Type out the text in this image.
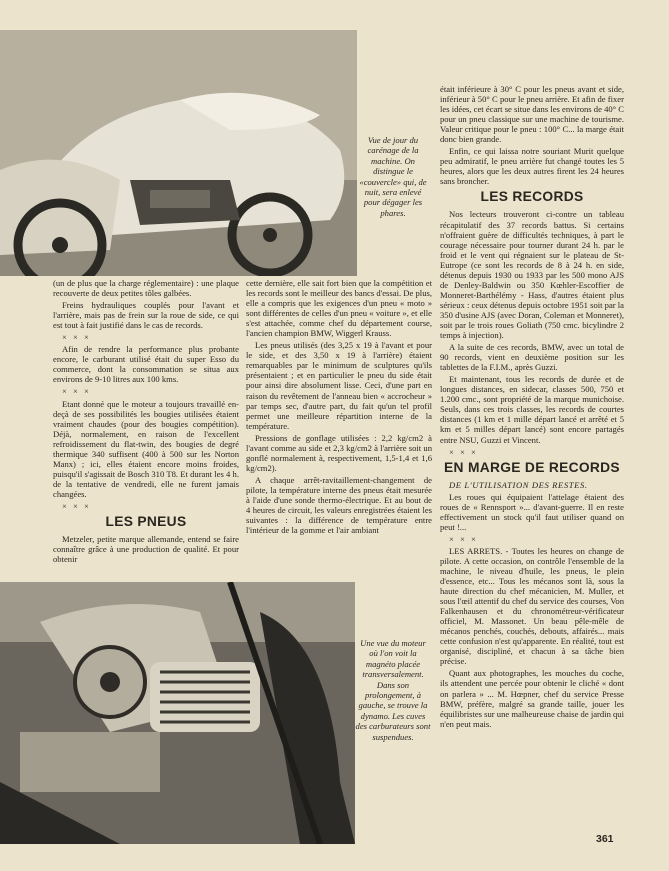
Vue de jour du carénage de la machine. On distingue le «couvercle» qui, de nuit, sera enlevé pour dégager les phares.

Une vue du moteur où l'on voit la magnéto placée transversalement. Dans son prolongement, à gauche, se trouve la dynamo. Les cuves des carburateurs sont suspendues.

(un de plus que la charge réglementaire) : une plaque recouverte de deux petites tôles galbées.

Freins hydrauliques couplés pour l'avant et l'arrière, mais pas de frein sur la roue de side, ce qui est tout à fait justifié dans le cas de records.

× × ×

Afin de rendre la performance plus probante encore, le carburant utilisé était du super Esso du commerce, dont la consommation se situa aux environs de 9-10 litres aux 100 kms.

× × ×

Etant donné que le moteur a toujours travaillé en-deçà de ses possibilités les bougies utilisées étaient vraiment chaudes (pour des bougies compétition). Déjà, normalement, en raison de l'excellent refroidissement du flat-twin, des bougies de degré thermique 340 suffisent (400 à 500 sur les Norton Manx) ; ici, elles étaient encore moins froides, puisqu'il s'agissait de Bosch 310 T8. Et durant les 4 h. de la tentative de vendredi, elle ne furent jamais changées.

× × ×

LES PNEUS

Metzeler, petite marque allemande, entend se faire connaître grâce à une production de qualité. Et pour obtenir

cette dernière, elle sait fort bien que la compétition et les records sont le meilleur des bancs d'essai. De plus, elle a compris que les exigences d'un pneu « moto » sont différentes de celles d'un pneu « voiture », et elle s'est attachée, comme chef du département course, l'ancien champion BMW, Wiggerl Krauss.

Les pneus utilisés (des 3,25 x 19 à l'avant et pour le side, et des 3,50 x 19 à l'arrière) étaient remarquables par le minimum de sculptures qu'ils présentaient ; et en particulier le pneu du side était pour ainsi dire absolument lisse. Ceci, d'une part en raison du revêtement de l'anneau bien « accrocheur » par temps sec, d'autre part, du fait qu'un tel profil permet une meilleure répartition interne de la température.

Pressions de gonflage utilisées : 2,2 kg/cm2 à l'avant comme au side et 2,3 kg/cm2 à l'arrière soit un gonflé normalement à, respectivement, 1,5-1,4 et 1,6 kg/cm2).

A chaque arrêt-ravitaillement-changement de pilote, la température interne des pneus était mesurée à l'aide d'une sonde thermo-électrique. Et au bout de 4 heures de circuit, les valeurs enregistrées étaient les suivantes : la différence de température entre l'intérieur de la gomme et l'air ambiant

était inférieure à 30° C pour les pneus avant et side, inférieur à 50° C pour le pneu arrière. Et afin de fixer les idées, cet écart se situe dans les environs de 40° C pour un pneu classique sur une machine de tourisme. Valeur critique pour le pneu : 100° C... la marge était donc bien grande.

Enfin, ce qui laissa notre souriant Murit quelque peu admiratif, le pneu arrière fut changé toutes les 5 heures, alors que les deux autres firent les 24 heures sans broncher.

LES RECORDS

Nos lecteurs trouveront ci-contre un tableau récapitulatif des 37 records battus. Si certains n'offraient guère de difficultés techniques, à part le courage nécessaire pour tourner durant 24 h. par le froid et le vent qui régnaient sur le plateau de St-Eutrope (ce sont les records de 8 à 24 h. en side, détenus depuis 1930 ou 1933 par les 500 mono AJS de Denley-Baldwin ou 350 Kœhler-Escoffier de Monneret-Barthélémy - Hass, d'autres étaient plus sérieux : ceux détenus depuis octobre 1951 soit par la 350 d'usine AJS (avec Doran, Coleman et Monneret), soit par le trois roues Goliath (750 cmc. bicylindre 2 temps à injection).

A la suite de ces records, BMW, avec un total de 90 records, vient en deuxième position sur les tablettes de la F.I.M., après Guzzi.

Et maintenant, tous les records de durée et de longues distances, en sidecar, classes 500, 750 et 1.200 cmc., sont propriété de la marque munichoise. Seuls, dans ces trois classes, les records de courtes distances (1 km et 1 mille départ lancé et arrêté et 5 km et 5 milles départ lancé) sont encore partagés entre NSU, Guzzi et Vincent.

× × ×

EN MARGE DE RECORDS

DE L'UTILISATION DES RESTES.

Les roues qui équipaient l'attelage étaient des roues de « Rennsport »... d'avant-guerre. Il en reste effectivement un stock qu'il faut utiliser quand on peut !...

× × ×

LES ARRETS. - Toutes les heures on change de pilote. A cette occasion, on contrôle l'ensemble de la machine, le niveau d'huile, les pneus, le plein d'essence, etc... Tous les mécanos sont là, sous la haute direction du chef mécanicien, M. Muller, et sous l'œil attentif du chef du service des courses, Von Falkenhausen et du chronométreur-vérificateur officiel, M. Massonet. Un beau pêle-mêle de mécanos penchés, couchés, debouts, affairés... mais cette confusion n'est qu'apparente. En réalité, tout est organisé, discipliné, et chacun à sa tâche bien précise.

Quant aux photographes, les mouches du coche, ils attendent une percée pour obtenir le cliché « dont on parlera » ... M. Hœpner, chef du service Presse BMW, préfère, malgré sa grande taille, jouer les équilibristes sur une malheureuse chaise de jardin qui n'en peut mais.

361
